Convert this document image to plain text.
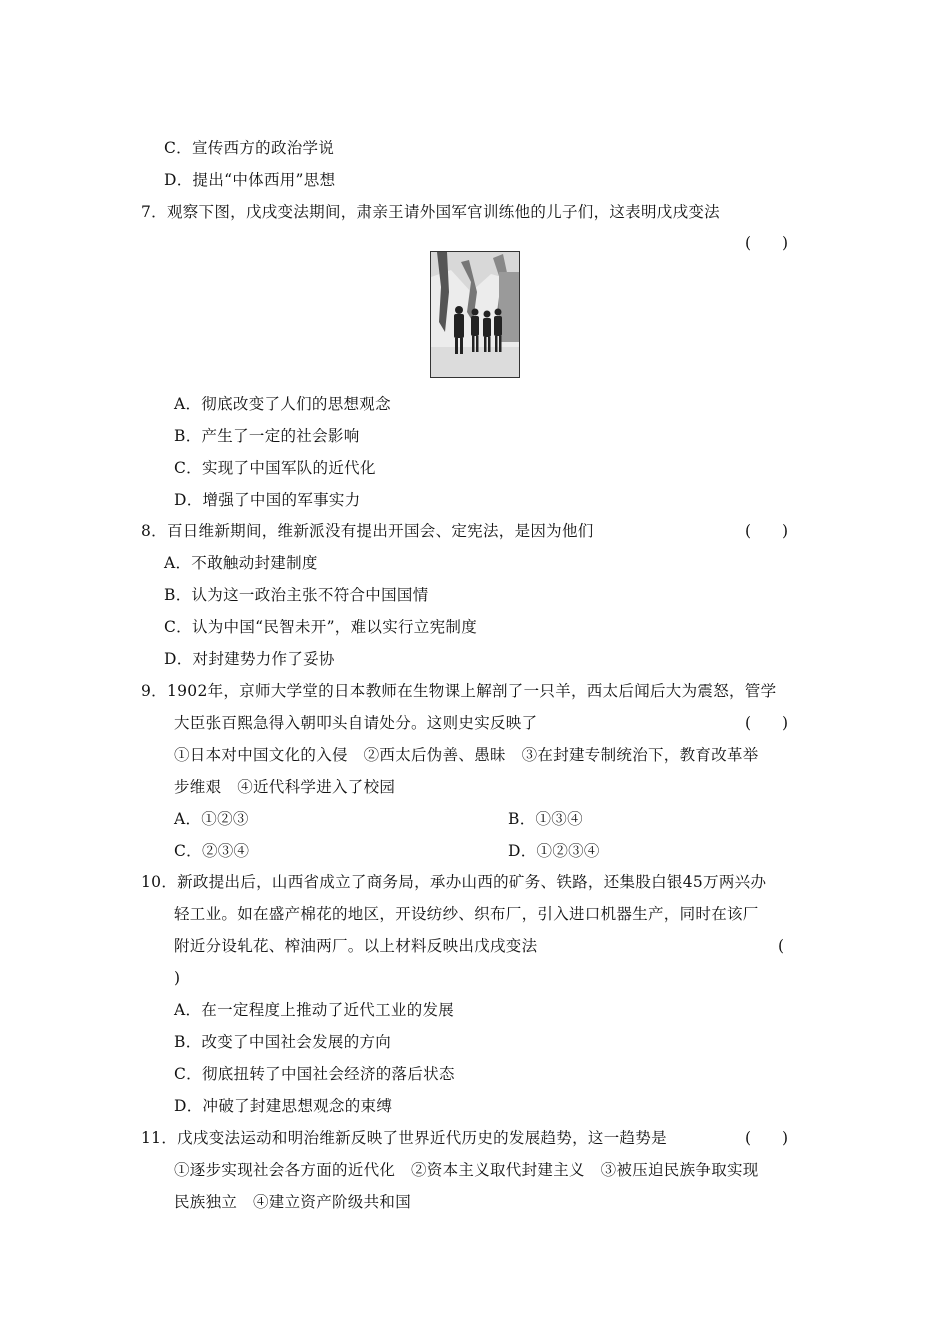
C．宣传西方的政治学说
D．提出“中体西用”思想
7．观察下图，戊戌变法期间，肃亲王请外国军官训练他的儿子们，这表明戊戌变法
(　　)
A．彻底改变了人们的思想观念
B．产生了一定的社会影响
C．实现了中国军队的近代化
D．增强了中国的军事实力
8．百日维新期间，维新派没有提出开国会、定宪法，是因为他们	(　　)
A．不敢触动封建制度
B．认为这一政治主张不符合中国国情
C．认为中国“民智未开”，难以实行立宪制度
D．对封建势力作了妥协
9．1902年，京师大学堂的日本教师在生物课上解剖了一只羊，西太后闻后大为震怒，管学
大臣张百熙急得入朝叩头自请处分。这则史实反映了	(　　)
①日本对中国文化的入侵　②西太后伪善、愚昧　③在封建专制统治下，教育改革举
步维艰　④近代科学进入了校园
A．①②③	B．①③④
C．②③④	D．①②③④
10．新政提出后，山西省成立了商务局，承办山西的矿务、铁路，还集股白银45万两兴办
轻工业。如在盛产棉花的地区，开设纺纱、织布厂，引入进口机器生产，同时在该厂
附近分设轧花、榨油两厂。以上材料反映出戊戌变法	(
)
A．在一定程度上推动了近代工业的发展
B．改变了中国社会发展的方向
C．彻底扭转了中国社会经济的落后状态
D．冲破了封建思想观念的束缚
11．戊戌变法运动和明治维新反映了世界近代历史的发展趋势，这一趋势是	(　　)
①逐步实现社会各方面的近代化　②资本主义取代封建主义　③被压迫民族争取实现
民族独立　④建立资产阶级共和国
